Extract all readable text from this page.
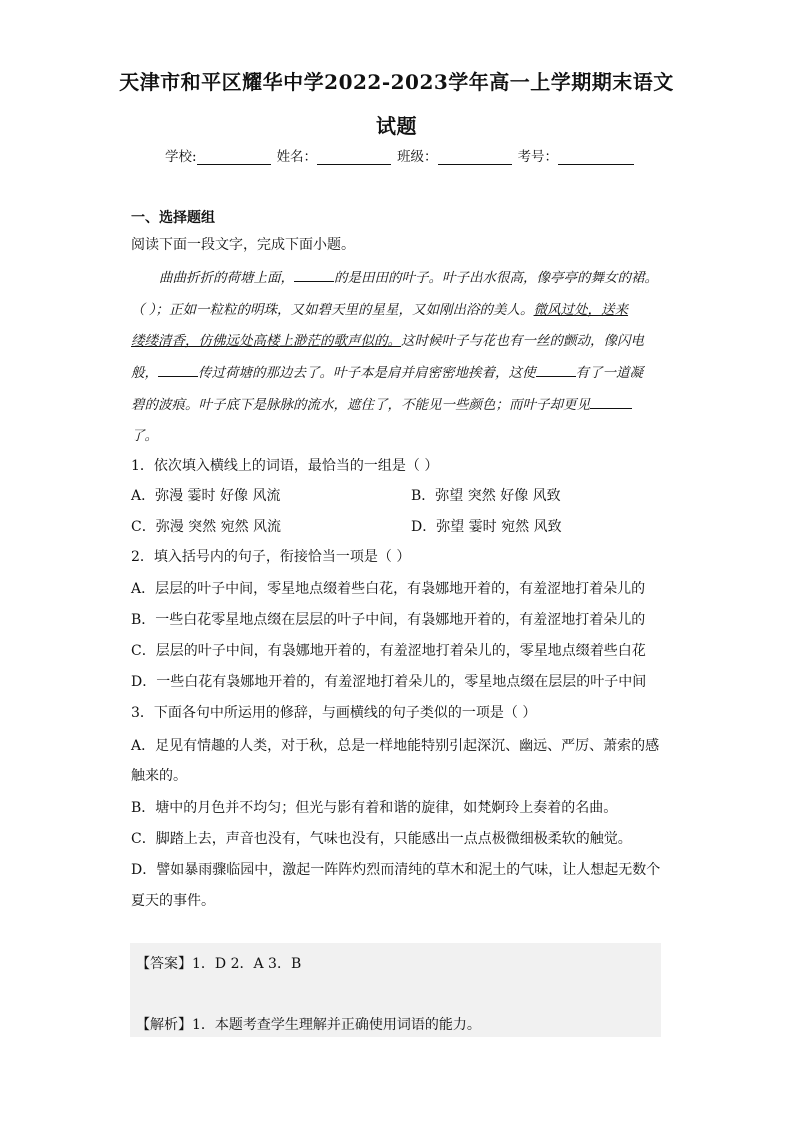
天津市和平区耀华中学2022-2023学年高一上学期期末语文
试题
学校:	姓名：	班级：	考号：
一、选择题组
阅读下面一段文字，完成下面小题。
曲曲折折的荷塘上面，	的是田田的叶子。叶子出水很高，像亭亭的舞女的裙。
（ ）；正如一粒粒的明珠，又如碧天里的星星，又如刚出浴的美人。微风过处，送来
缕缕清香，仿佛远处高楼上渺茫的歌声似的。这时候叶子与花也有一丝的颤动，像闪电
般，	传过荷塘的那边去了。叶子本是肩并肩密密地挨着，这使	有了一道凝
碧的波痕。叶子底下是脉脉的流水，遮住了，不能见一些颜色；而叶子却更见
了。
1．依次填入横线上的词语，最恰当的一组是（ ）
A．弥漫 霎时 好像 风流	B．弥望 突然 好像 风致
C．弥漫 突然 宛然 风流	D．弥望 霎时 宛然 风致
2．填入括号内的句子，衔接恰当一项是（ ）
A．层层的叶子中间，零星地点缀着些白花，有袅娜地开着的，有羞涩地打着朵儿的
B．一些白花零星地点缀在层层的叶子中间，有袅娜地开着的，有羞涩地打着朵儿的
C．层层的叶子中间，有袅娜地开着的，有羞涩地打着朵儿的，零星地点缀着些白花
D．一些白花有袅娜地开着的，有羞涩地打着朵儿的，零星地点缀在层层的叶子中间
3．下面各句中所运用的修辞，与画横线的句子类似的一项是（ ）
A．足见有情趣的人类，对于秋，总是一样地能特别引起深沉、幽远、严厉、萧索的感
触来的。
B．塘中的月色并不均匀；但光与影有着和谐的旋律，如梵婀玲上奏着的名曲。
C．脚踏上去，声音也没有，气味也没有，只能感出一点点极微细极柔软的触觉。
D．譬如暴雨骤临园中，激起一阵阵灼烈而清纯的草木和泥土的气味，让人想起无数个
夏天的事件。
【答案】1．D 2．A 3．B
【解析】1．本题考查学生理解并正确使用词语的能力。
